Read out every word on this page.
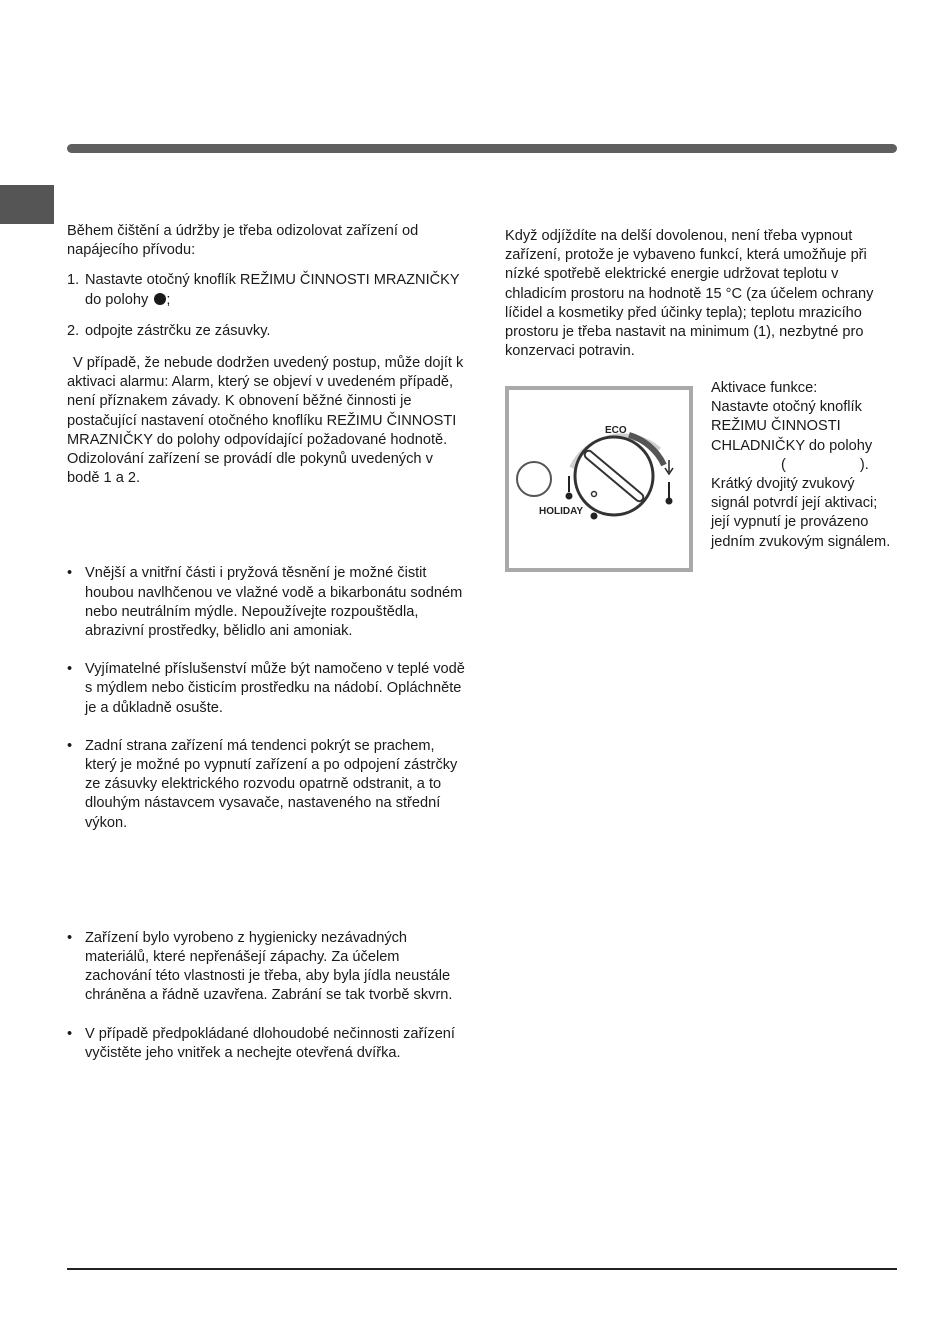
Během čištění a údržby je třeba odizolovat zařízení od napájecího přívodu:

1. Nastavte otočný knoflík REŽIMU ČINNOSTI MRAZNIČKY do polohy ;
2. odpojte zástrčku ze zásuvky.

V případě, že nebude dodržen uvedený postup, může dojít k aktivaci alarmu: Alarm, který se objeví v uvedeném případě, není příznakem závady. K obnovení běžné činnosti je postačující nastavení otočného knoflíku REŽIMU ČINNOSTI MRAZNIČKY do polohy odpovídající požadované hodnotě. Odizolování zařízení se provádí dle pokynů uvedených v bodě 1 a 2.

• Vnější a vnitřní části i pryžová těsnění je možné čistit houbou navlhčenou ve vlažné vodě a bikarbonátu sodném nebo neutrálním mýdle. Nepoužívejte rozpouštědla, abrazivní prostředky, bělidlo ani amoniak.
• Vyjímatelné příslušenství může být namočeno v teplé vodě s mýdlem nebo čisticím prostředku na nádobí. Opláchněte je a důkladně osušte.
• Zadní strana zařízení má tendenci pokrýt se prachem, který je možné po vypnutí zařízení a po odpojení zástrčky ze zásuvky elektrického rozvodu opatrně odstranit, a to dlouhým nástavcem vysavače, nastaveného na střední výkon.
• Zařízení bylo vyrobeno z hygienicky nezávadných materiálů, které nepřenášejí zápachy. Za účelem zachování této vlastnosti je třeba, aby byla jídla neustále chráněna a řádně uzavřena. Zabrání se tak tvorbě skvrn.
• V případě předpokládané dlohoudobé nečinnosti zařízení vyčistěte jeho vnitřek a nechejte otevřená dvířka.

Když odjíždíte na delší dovolenou, není třeba vypnout zařízení, protože je vybaveno funkcí, která umožňuje při nízké spotřebě elektrické energie udržovat teplotu v chladicím prostoru na hodnotě 15 °C (za účelem ochrany líčidel a kosmetiky před účinky tepla); teplotu mrazicího prostoru je třeba nastavit na minimum (1), nezbytné pro konzervaci potravin.

ECO
HOLIDAY

Aktivace funkce:

Nastavte otočný knoflík REŽIMU ČINNOSTI CHLADNIČKY do polohy

(	).

Krátký dvojitý zvukový signál potvrdí její aktivaci; její vypnutí je provázeno jedním zvukovým signálem.
